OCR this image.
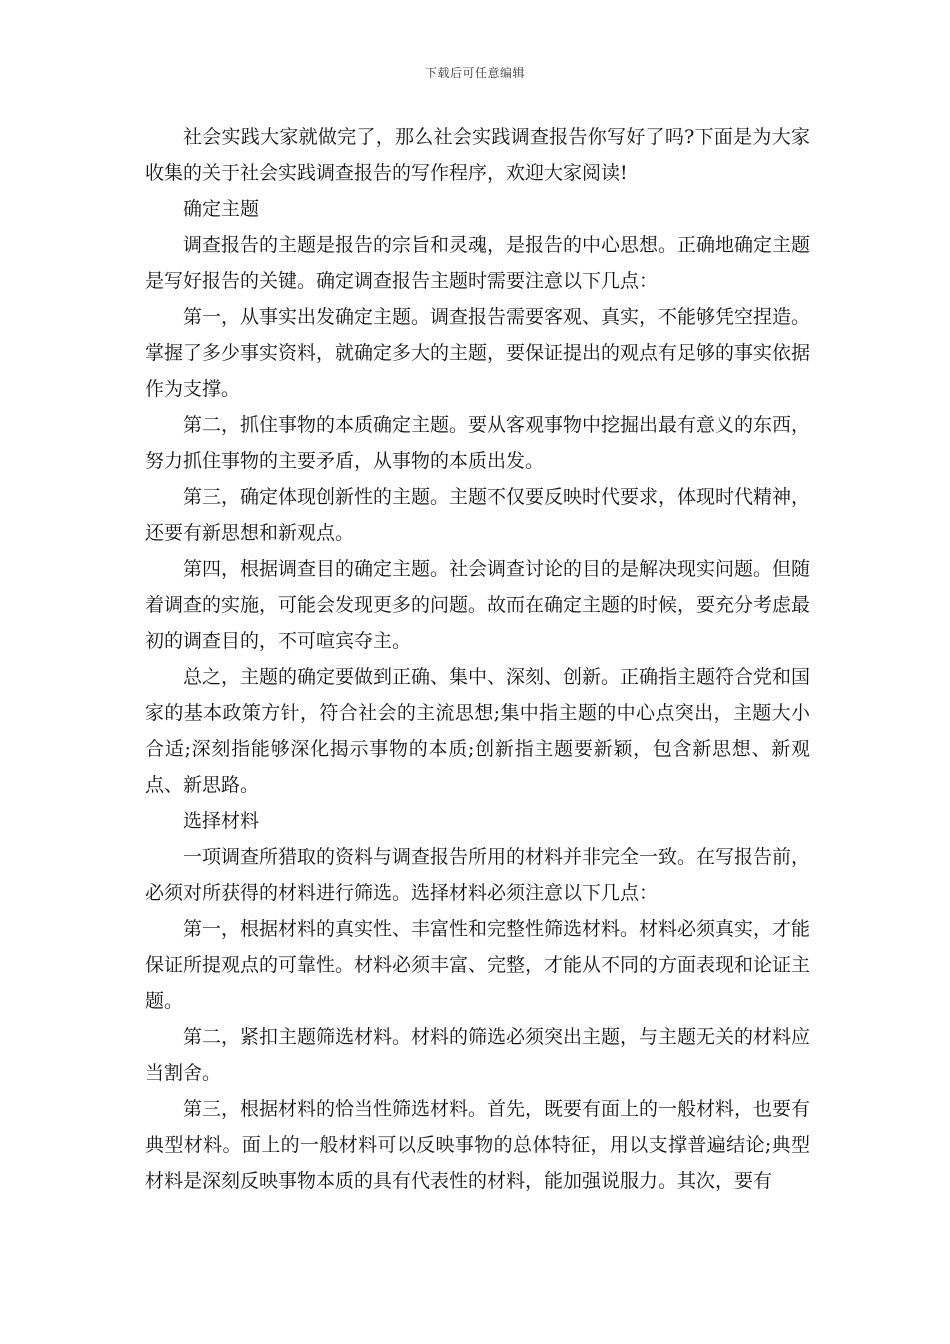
下载后可任意编辑

社会实践大家就做完了，那么社会实践调查报告你写好了吗?下面是为大家收集的关于社会实践调查报告的写作程序，欢迎大家阅读!

确定主题

调查报告的主题是报告的宗旨和灵魂，是报告的中心思想。正确地确定主题是写好报告的关键。确定调查报告主题时需要注意以下几点：

第一，从事实出发确定主题。调查报告需要客观、真实，不能够凭空捏造。掌握了多少事实资料，就确定多大的主题，要保证提出的观点有足够的事实依据作为支撑。

第二，抓住事物的本质确定主题。要从客观事物中挖掘出最有意义的东西，努力抓住事物的主要矛盾，从事物的本质出发。

第三，确定体现创新性的主题。主题不仅要反映时代要求，体现时代精神，还要有新思想和新观点。

第四，根据调查目的确定主题。社会调查讨论的目的是解决现实问题。但随着调查的实施，可能会发现更多的问题。故而在确定主题的时候，要充分考虑最初的调查目的，不可喧宾夺主。

总之，主题的确定要做到正确、集中、深刻、创新。正确指主题符合党和国家的基本政策方针，符合社会的主流思想;集中指主题的中心点突出，主题大小合适;深刻指能够深化揭示事物的本质;创新指主题要新颖，包含新思想、新观点、新思路。

选择材料

一项调查所猎取的资料与调查报告所用的材料并非完全一致。在写报告前，必须对所获得的材料进行筛选。选择材料必须注意以下几点：

第一，根据材料的真实性、丰富性和完整性筛选材料。材料必须真实，才能保证所提观点的可靠性。材料必须丰富、完整，才能从不同的方面表现和论证主题。

第二，紧扣主题筛选材料。材料的筛选必须突出主题，与主题无关的材料应当割舍。

第三，根据材料的恰当性筛选材料。首先，既要有面上的一般材料，也要有典型材料。面上的一般材料可以反映事物的总体特征，用以支撑普遍结论;典型材料是深刻反映事物本质的具有代表性的材料，能加强说服力。其次，要有
